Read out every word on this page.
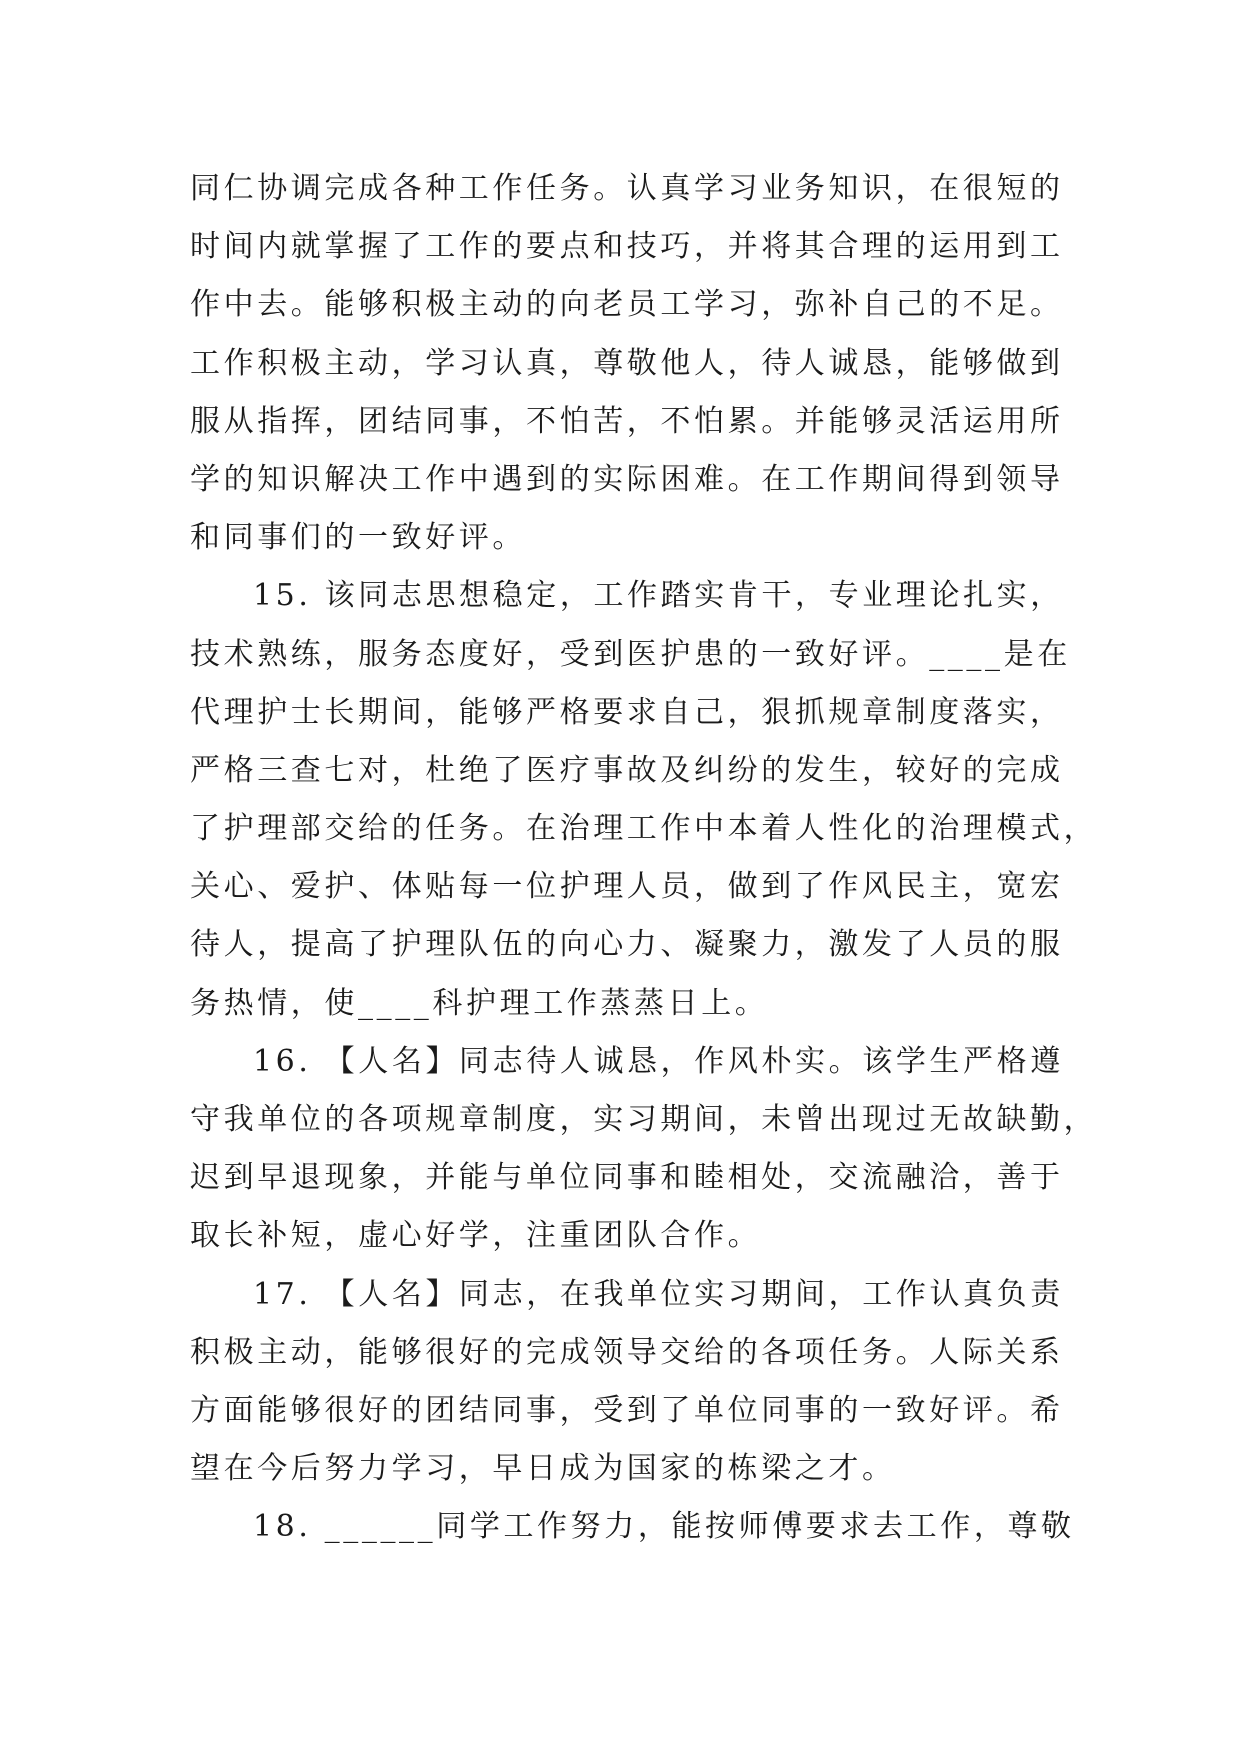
同仁协调完成各种工作任务。认真学习业务知识，在很短的
时间内就掌握了工作的要点和技巧，并将其合理的运用到工
作中去。能够积极主动的向老员工学习，弥补自己的不足。
工作积极主动，学习认真，尊敬他人，待人诚恳，能够做到
服从指挥，团结同事，不怕苦，不怕累。并能够灵活运用所
学的知识解决工作中遇到的实际困难。在工作期间得到领导
和同事们的一致好评。
15. 该同志思想稳定，工作踏实肯干，专业理论扎实，
技术熟练，服务态度好，受到医护患的一致好评。____是在
代理护士长期间，能够严格要求自己，狠抓规章制度落实，
严格三查七对，杜绝了医疗事故及纠纷的发生，较好的完成
了护理部交给的任务。在治理工作中本着人性化的治理模式，
关心、爱护、体贴每一位护理人员，做到了作风民主，宽宏
待人，提高了护理队伍的向心力、凝聚力，激发了人员的服
务热情，使____科护理工作蒸蒸日上。
16. 【人名】同志待人诚恳，作风朴实。该学生严格遵
守我单位的各项规章制度，实习期间，未曾出现过无故缺勤，
迟到早退现象，并能与单位同事和睦相处，交流融洽，善于
取长补短，虚心好学，注重团队合作。
17. 【人名】同志，在我单位实习期间，工作认真负责
积极主动，能够很好的完成领导交给的各项任务。人际关系
方面能够很好的团结同事，受到了单位同事的一致好评。希
望在今后努力学习，早日成为国家的栋梁之才。
18. ______同学工作努力，能按师傅要求去工作，尊敬
